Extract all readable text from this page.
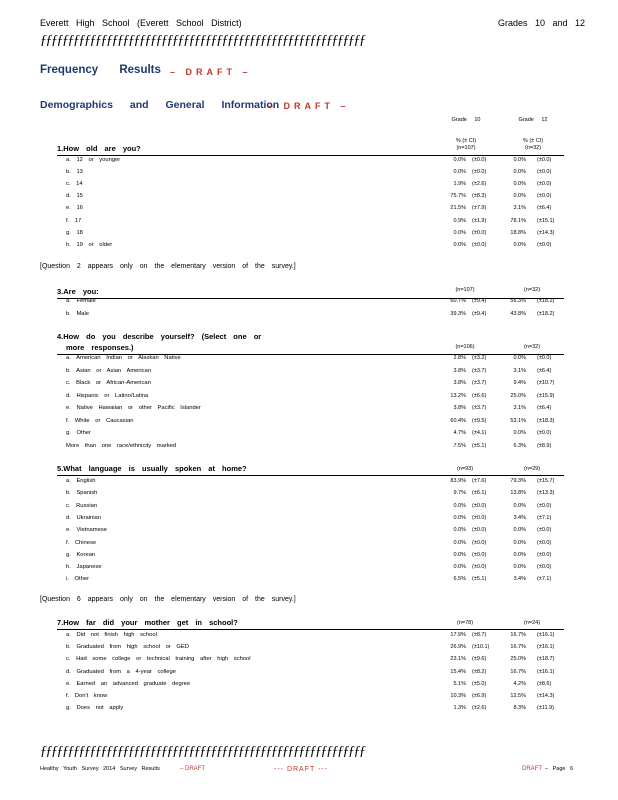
Everett High School (Everett School District)	Grades 10 and 12
ƒƒƒƒƒƒƒƒƒƒƒƒƒƒƒƒƒƒƒƒƒƒƒƒƒƒƒƒƒƒƒƒƒƒƒƒƒƒƒƒƒƒƒƒƒƒƒƒƒƒƒƒƒƒƒƒƒƒƒ
Frequency Results – DRAFT –
Demographics and General Information
– DRAFT –
Grade 10	Grade 12
% (± CI)	% (± CI)
(n=107)	(n=32)
1.How old are you?
a. 12 or younger	0.0% (±0.0)	0.0% (±0.0)
b. 13	0.0% (±0.0)	0.0% (±0.0)
c. 14	1.9% (±2.6)	0.0% (±0.0)
d. 15	75.7% (±8.3)	0.0% (±0.0)
e. 16	21.5% (±7.9)	3.1% (±6.4)
f. 17	0.9% (±1.9)	78.1% (±15.1)
g. 18	0.0% (±0.0)	18.8% (±14.3)
h. 19 or older	0.0% (±0.0)	0.0% (±0.0)
3.Are you:	(n=107)	(n=32)
a. Female	60.7% (±9.4)	56.3% (±18.2)
b. Male	39.3% (±9.4)	43.8% (±18.2)
4.How do you describe yourself? (Select one or
more responses.)	(n=106)	(n=32)
a. American Indian or Alaskan Native	2.8% (±3.2)	0.0% (±0.0)
b. Asian or Asian American	3.8% (±3.7)	3.1% (±6.4)
c. Black or African-American	3.8% (±3.7)	9.4% (±10.7)
d. Hispanic or Latino/Latina	13.2% (±6.6)	25.0% (±15.9)
e. Native Hawaiian or other Pacific Islander	3.8% (±3.7)	3.1% (±6.4)
f. White or Caucasian	60.4% (±9.5)	53.1% (±18.3)
g. Other	4.7% (±4.1)	0.0% (±0.0)
More than one race/ethnicity marked	7.5% (±5.1)	6.3% (±8.9)
5.What language is usually spoken at home?	(n=93)	(n=29)
a. English	83.9% (±7.6)	79.3% (±15.7)
b. Spanish	9.7% (±6.1)	13.8% (±13.3)
c. Russian	0.0% (±0.0)	0.0% (±0.0)
d. Ukrainian	0.0% (±0.0)	3.4% (±7.1)
e. Vietnamese	0.0% (±0.0)	0.0% (±0.0)
f. Chinese	0.0% (±0.0)	0.0% (±0.0)
g. Korean	0.0% (±0.0)	0.0% (±0.0)
h. Japanese	0.0% (±0.0)	0.0% (±0.0)
i. Other	6.5% (±5.1)	3.4% (±7.1)
7.How far did your mother get in school?	(n=78)	(n=24)
a. Did not finish high school	17.9% (±8.7)	16.7% (±16.1)
b. Graduated from high school or GED	26.9% (±10.1)	16.7% (±16.1)
c. Had some college or technical training after high school	23.1% (±9.6)	25.0% (±18.7)
d. Graduated from a 4-year college	15.4% (±8.2)	16.7% (±16.1)
e. Earned an advanced graduate degree	5.1% (±5.0)	4.2% (±8.6)
f. Don't know	10.3% (±6.9)	12.5% (±14.3)
g. Does not apply	1.3% (±2.6)	8.3% (±11.9)
[Question 2 appears only on the elementary version of the survey.]
[Question 6 appears only on the elementary version of the survey.]
ƒƒƒƒƒƒƒƒƒƒƒƒƒƒƒƒƒƒƒƒƒƒƒƒƒƒƒƒƒƒƒƒƒƒƒƒƒƒƒƒƒƒƒƒƒƒƒƒƒƒƒƒƒƒƒƒƒƒƒ
Healthy Youth Survey 2014 Survey Results	– DRAFT	--- DRAFT ---	DRAFT – Page 6
